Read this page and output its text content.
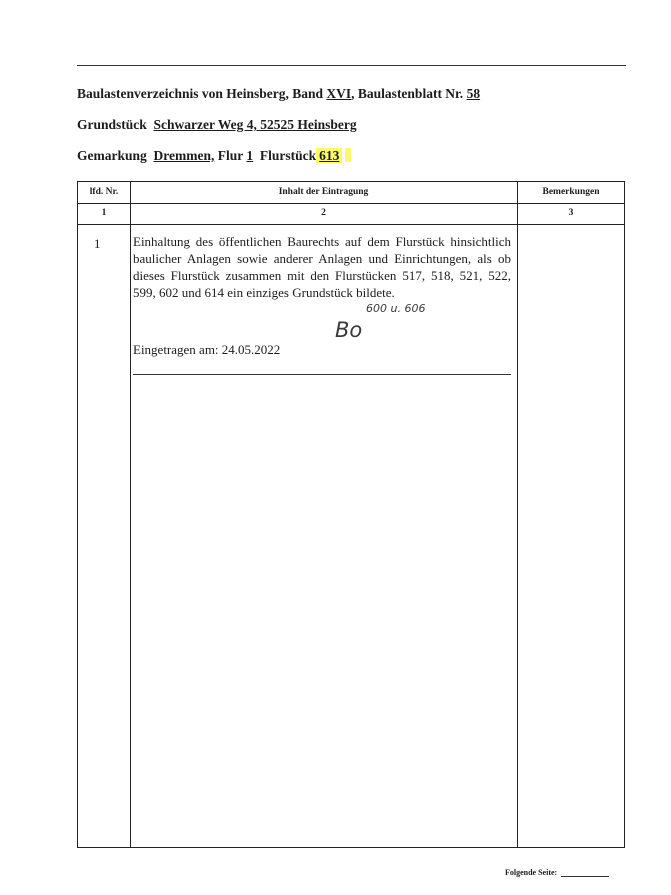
Baulastenverzeichnis von Heinsberg, Band XVI, Baulastenblatt Nr. 58
Grundstück Schwarzer Weg 4, 52525 Heinsberg
Gemarkung Dremmen, Flur 1 Flurstück 613
lfd. Nr.	Inhalt der Eintragung	Bemerkungen
1	2	3
1	Einhaltung des öffentlichen Baurechts auf dem Flurstück hinsichtlich baulicher Anlagen sowie anderer Anlagen und Einrichtungen, als ob dieses Flurstück zusammen mit den Flurstücken 517, 518, 521, 522, 599, 602 und 614 ein einziges Grundstück bildete.
600 u. 606
Bo
Eingetragen am: 24.05.2022
Folgende Seite:
